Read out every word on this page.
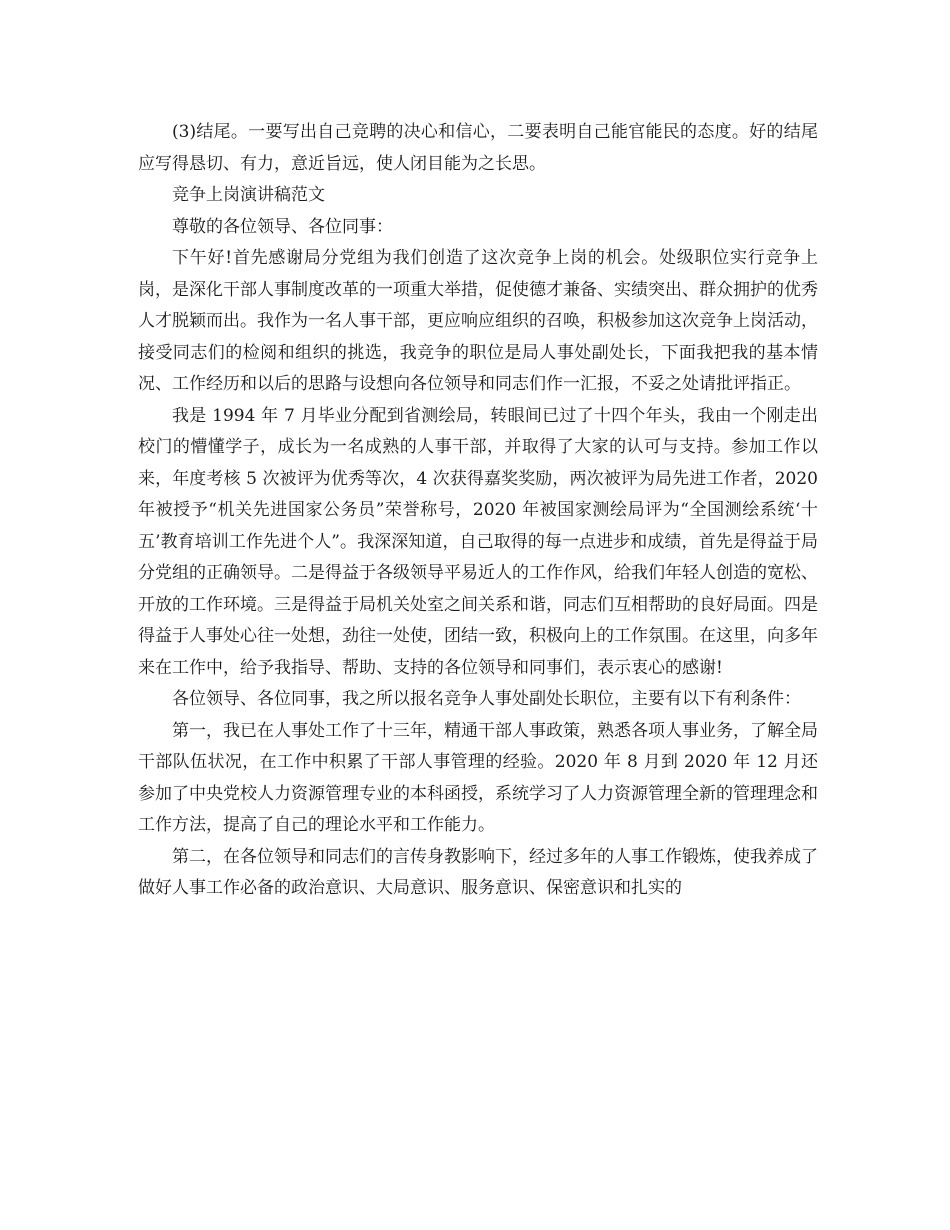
(3)结尾。一要写出自己竞聘的决心和信心，二要表明自己能官能民的态度。好的结尾应写得恳切、有力，意近旨远，使人闭目能为之长思。

竞争上岗演讲稿范文

尊敬的各位领导、各位同事：

下午好!首先感谢局分党组为我们创造了这次竞争上岗的机会。处级职位实行竞争上岗，是深化干部人事制度改革的一项重大举措，促使德才兼备、实绩突出、群众拥护的优秀人才脱颖而出。我作为一名人事干部，更应响应组织的召唤，积极参加这次竞争上岗活动，接受同志们的检阅和组织的挑选，我竞争的职位是局人事处副处长，下面我把我的基本情况、工作经历和以后的思路与设想向各位领导和同志们作一汇报，不妥之处请批评指正。

我是 1994 年 7 月毕业分配到省测绘局，转眼间已过了十四个年头，我由一个刚走出校门的懵懂学子，成长为一名成熟的人事干部，并取得了大家的认可与支持。参加工作以来，年度考核 5 次被评为优秀等次，4 次获得嘉奖奖励，两次被评为局先进工作者，2020 年被授予“机关先进国家公务员”荣誉称号，2020 年被国家测绘局评为“全国测绘系统‘十五’教育培训工作先进个人”。我深深知道，自己取得的每一点进步和成绩，首先是得益于局分党组的正确领导。二是得益于各级领导平易近人的工作作风，给我们年轻人创造的宽松、开放的工作环境。三是得益于局机关处室之间关系和谐，同志们互相帮助的良好局面。四是得益于人事处心往一处想，劲往一处使，团结一致，积极向上的工作氛围。在这里，向多年来在工作中，给予我指导、帮助、支持的各位领导和同事们，表示衷心的感谢!

各位领导、各位同事，我之所以报名竞争人事处副处长职位，主要有以下有利条件：

第一，我已在人事处工作了十三年，精通干部人事政策，熟悉各项人事业务，了解全局干部队伍状况，在工作中积累了干部人事管理的经验。2020 年 8 月到 2020 年 12 月还参加了中央党校人力资源管理专业的本科函授，系统学习了人力资源管理全新的管理理念和工作方法，提高了自己的理论水平和工作能力。

第二，在各位领导和同志们的言传身教影响下，经过多年的人事工作锻炼，使我养成了做好人事工作必备的政治意识、大局意识、服务意识、保密意识和扎实的
